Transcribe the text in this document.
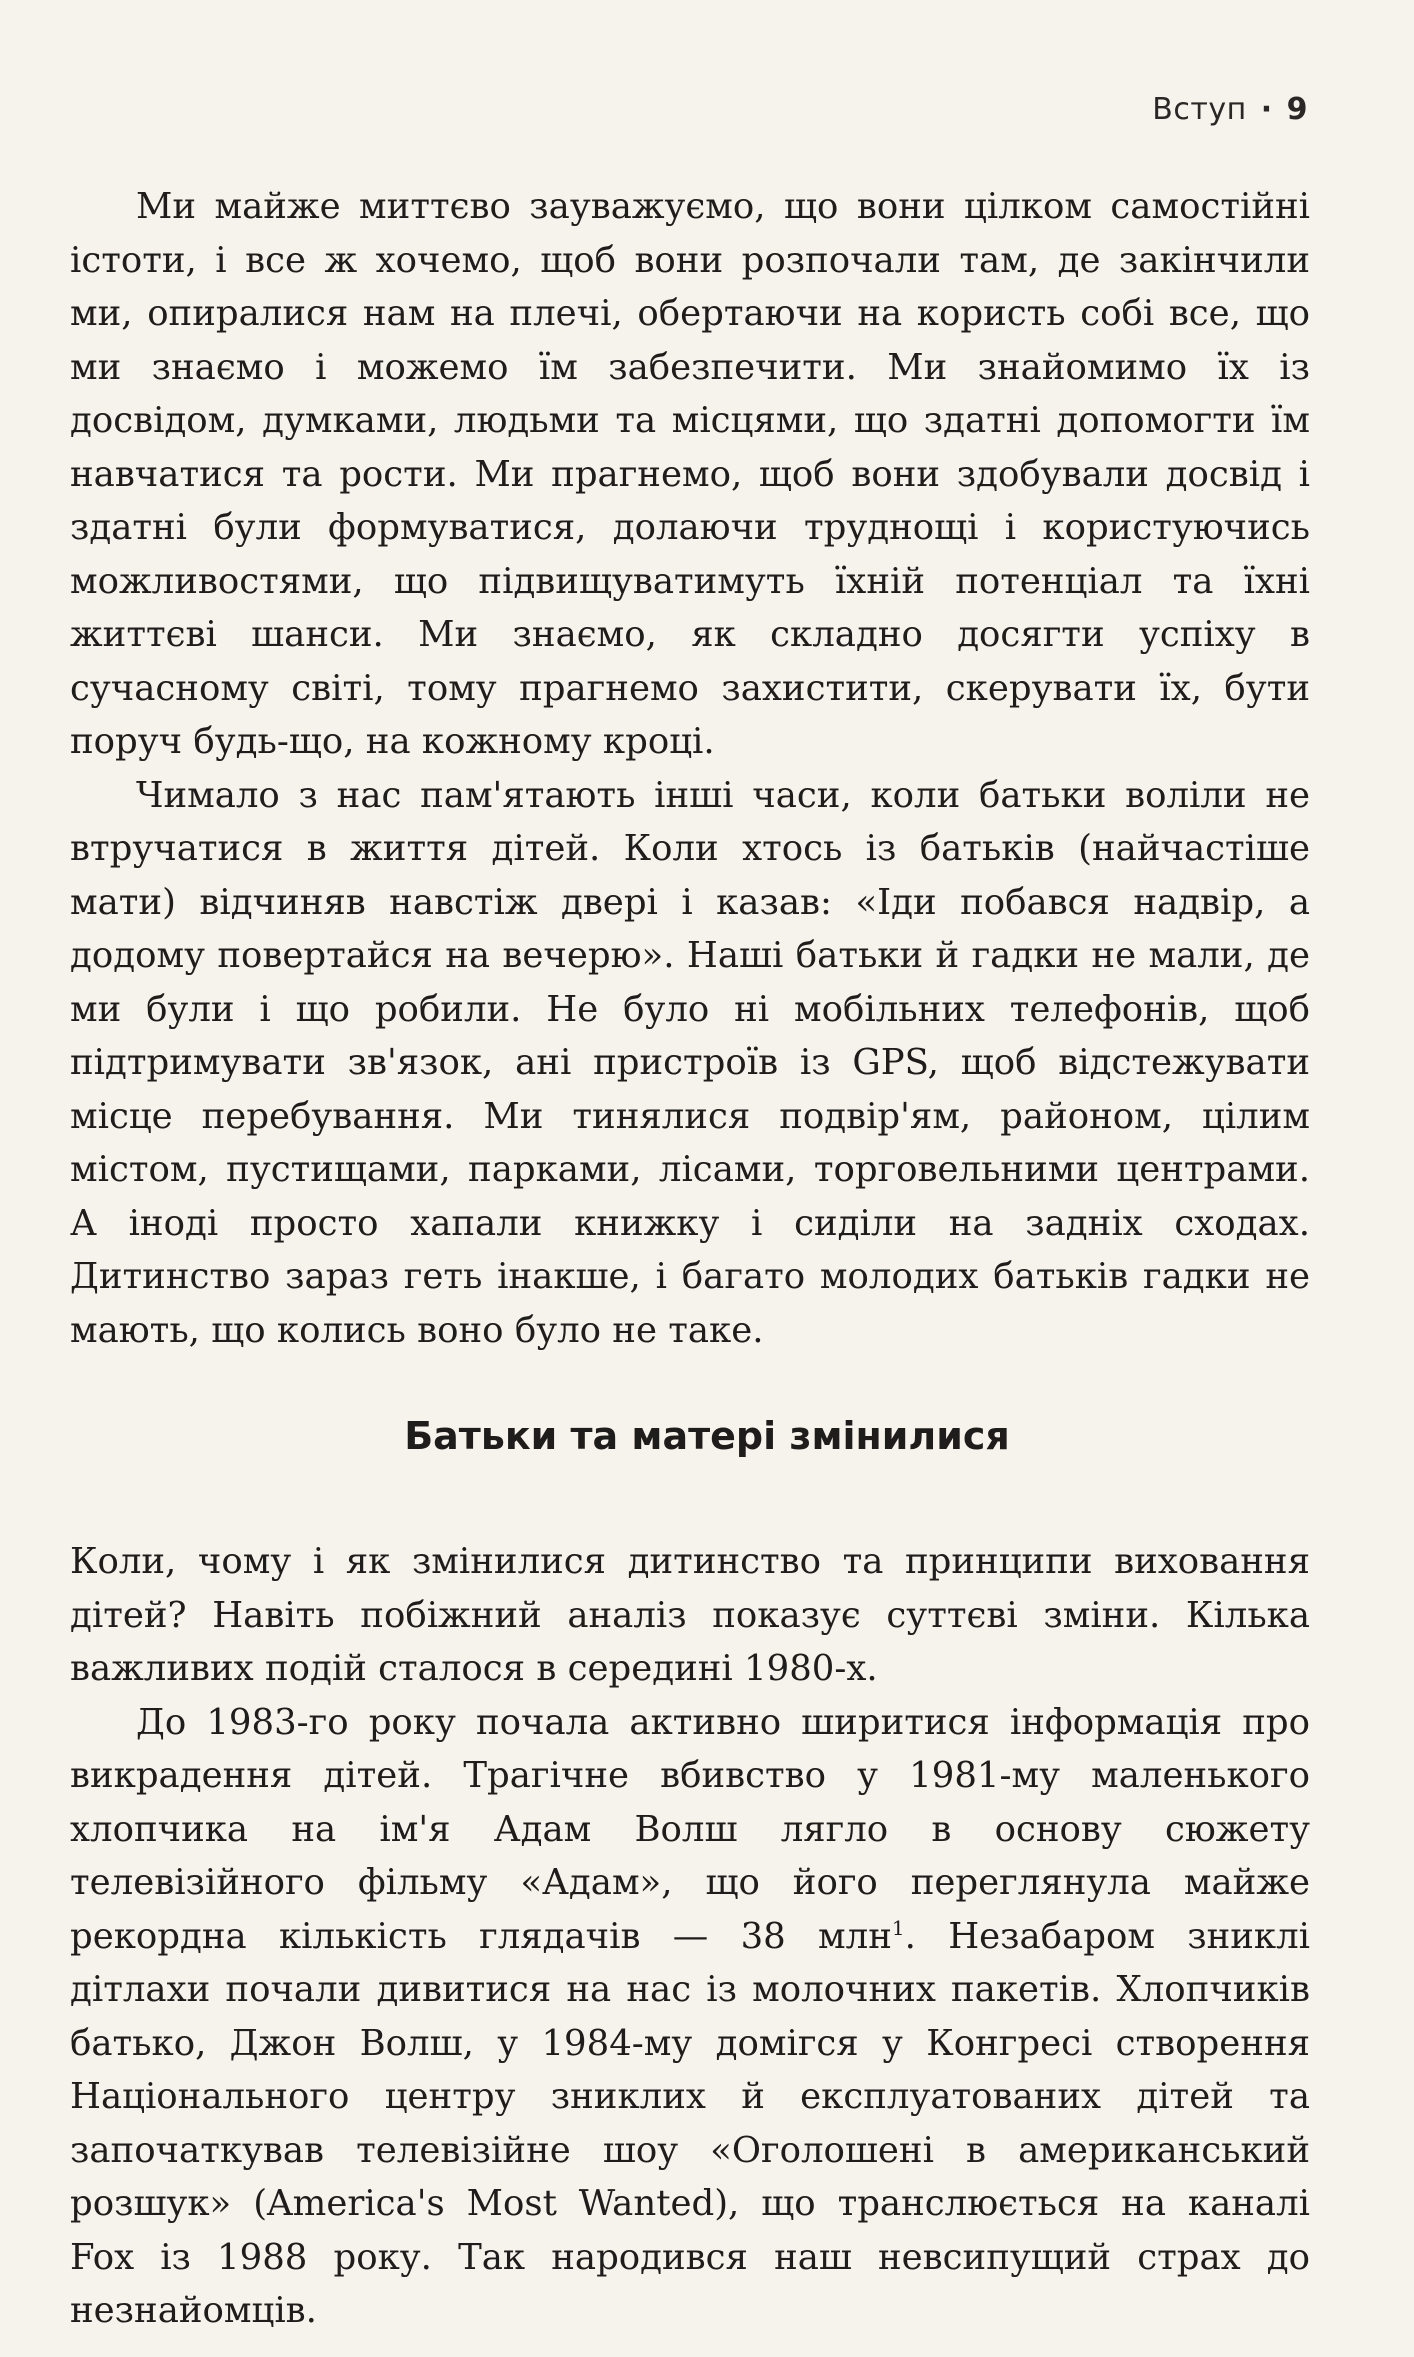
Вступ · 9

Ми майже миттєво зауважуємо, що вони цілком самостійні істоти, і все ж хочемо, щоб вони розпочали там, де закінчили ми, опиралися нам на плечі, обертаючи на користь собі все, що ми знаємо і можемо їм забезпечити. Ми знайомимо їх із досвідом, думками, людьми та місцями, що здатні допомогти їм навчатися та рости. Ми прагнемо, щоб вони здобували досвід і здатні були формуватися, долаючи труднощі і користуючись можливостями, що підвищуватимуть їхній потенціал та їхні життєві шанси. Ми знаємо, як складно досягти успіху в сучасному світі, тому прагнемо захистити, скерувати їх, бути поруч будь-що, на кожному кроці.

Чимало з нас пам'ятають інші часи, коли батьки воліли не втручатися в життя дітей. Коли хтось із батьків (найчастіше мати) відчиняв навстіж двері і казав: «Іди побався надвір, а додому повертайся на вечерю». Наші батьки й гадки не мали, де ми були і що робили. Не було ні мобільних телефонів, щоб підтримувати зв'язок, ані пристроїв із GPS, щоб відстежувати місце перебування. Ми тинялися подвір'ям, районом, цілим містом, пустищами, парками, лісами, торговельними центрами. А іноді просто хапали книжку і сиділи на задніх сходах. Дитинство зараз геть інакше, і багато молодих батьків гадки не мають, що колись воно було не таке.

Батьки та матері змінилися

Коли, чому і як змінилися дитинство та принципи виховання дітей? Навіть побіжний аналіз показує суттєві зміни. Кілька важливих подій сталося в середині 1980-х.

До 1983-го року почала активно ширитися інформація про викрадення дітей. Трагічне вбивство у 1981-му маленького хлопчика на ім'я Адам Волш лягло в основу сюжету телевізійного фільму «Адам», що його переглянула майже рекордна кількість глядачів — 38 млн$^1$. Незабаром зниклі дітлахи почали дивитися на нас із молочних пакетів. Хлопчиків батько, Джон Волш, у 1984-му домігся у Конгресі створення Національного центру зниклих й експлуатованих дітей та започаткував телевізійне шоу «Оголошені в американський розшук» (America's Most Wanted), що транслюється на каналі Fox із 1988 року. Так народився наш невсипущий страх до незнайомців.
